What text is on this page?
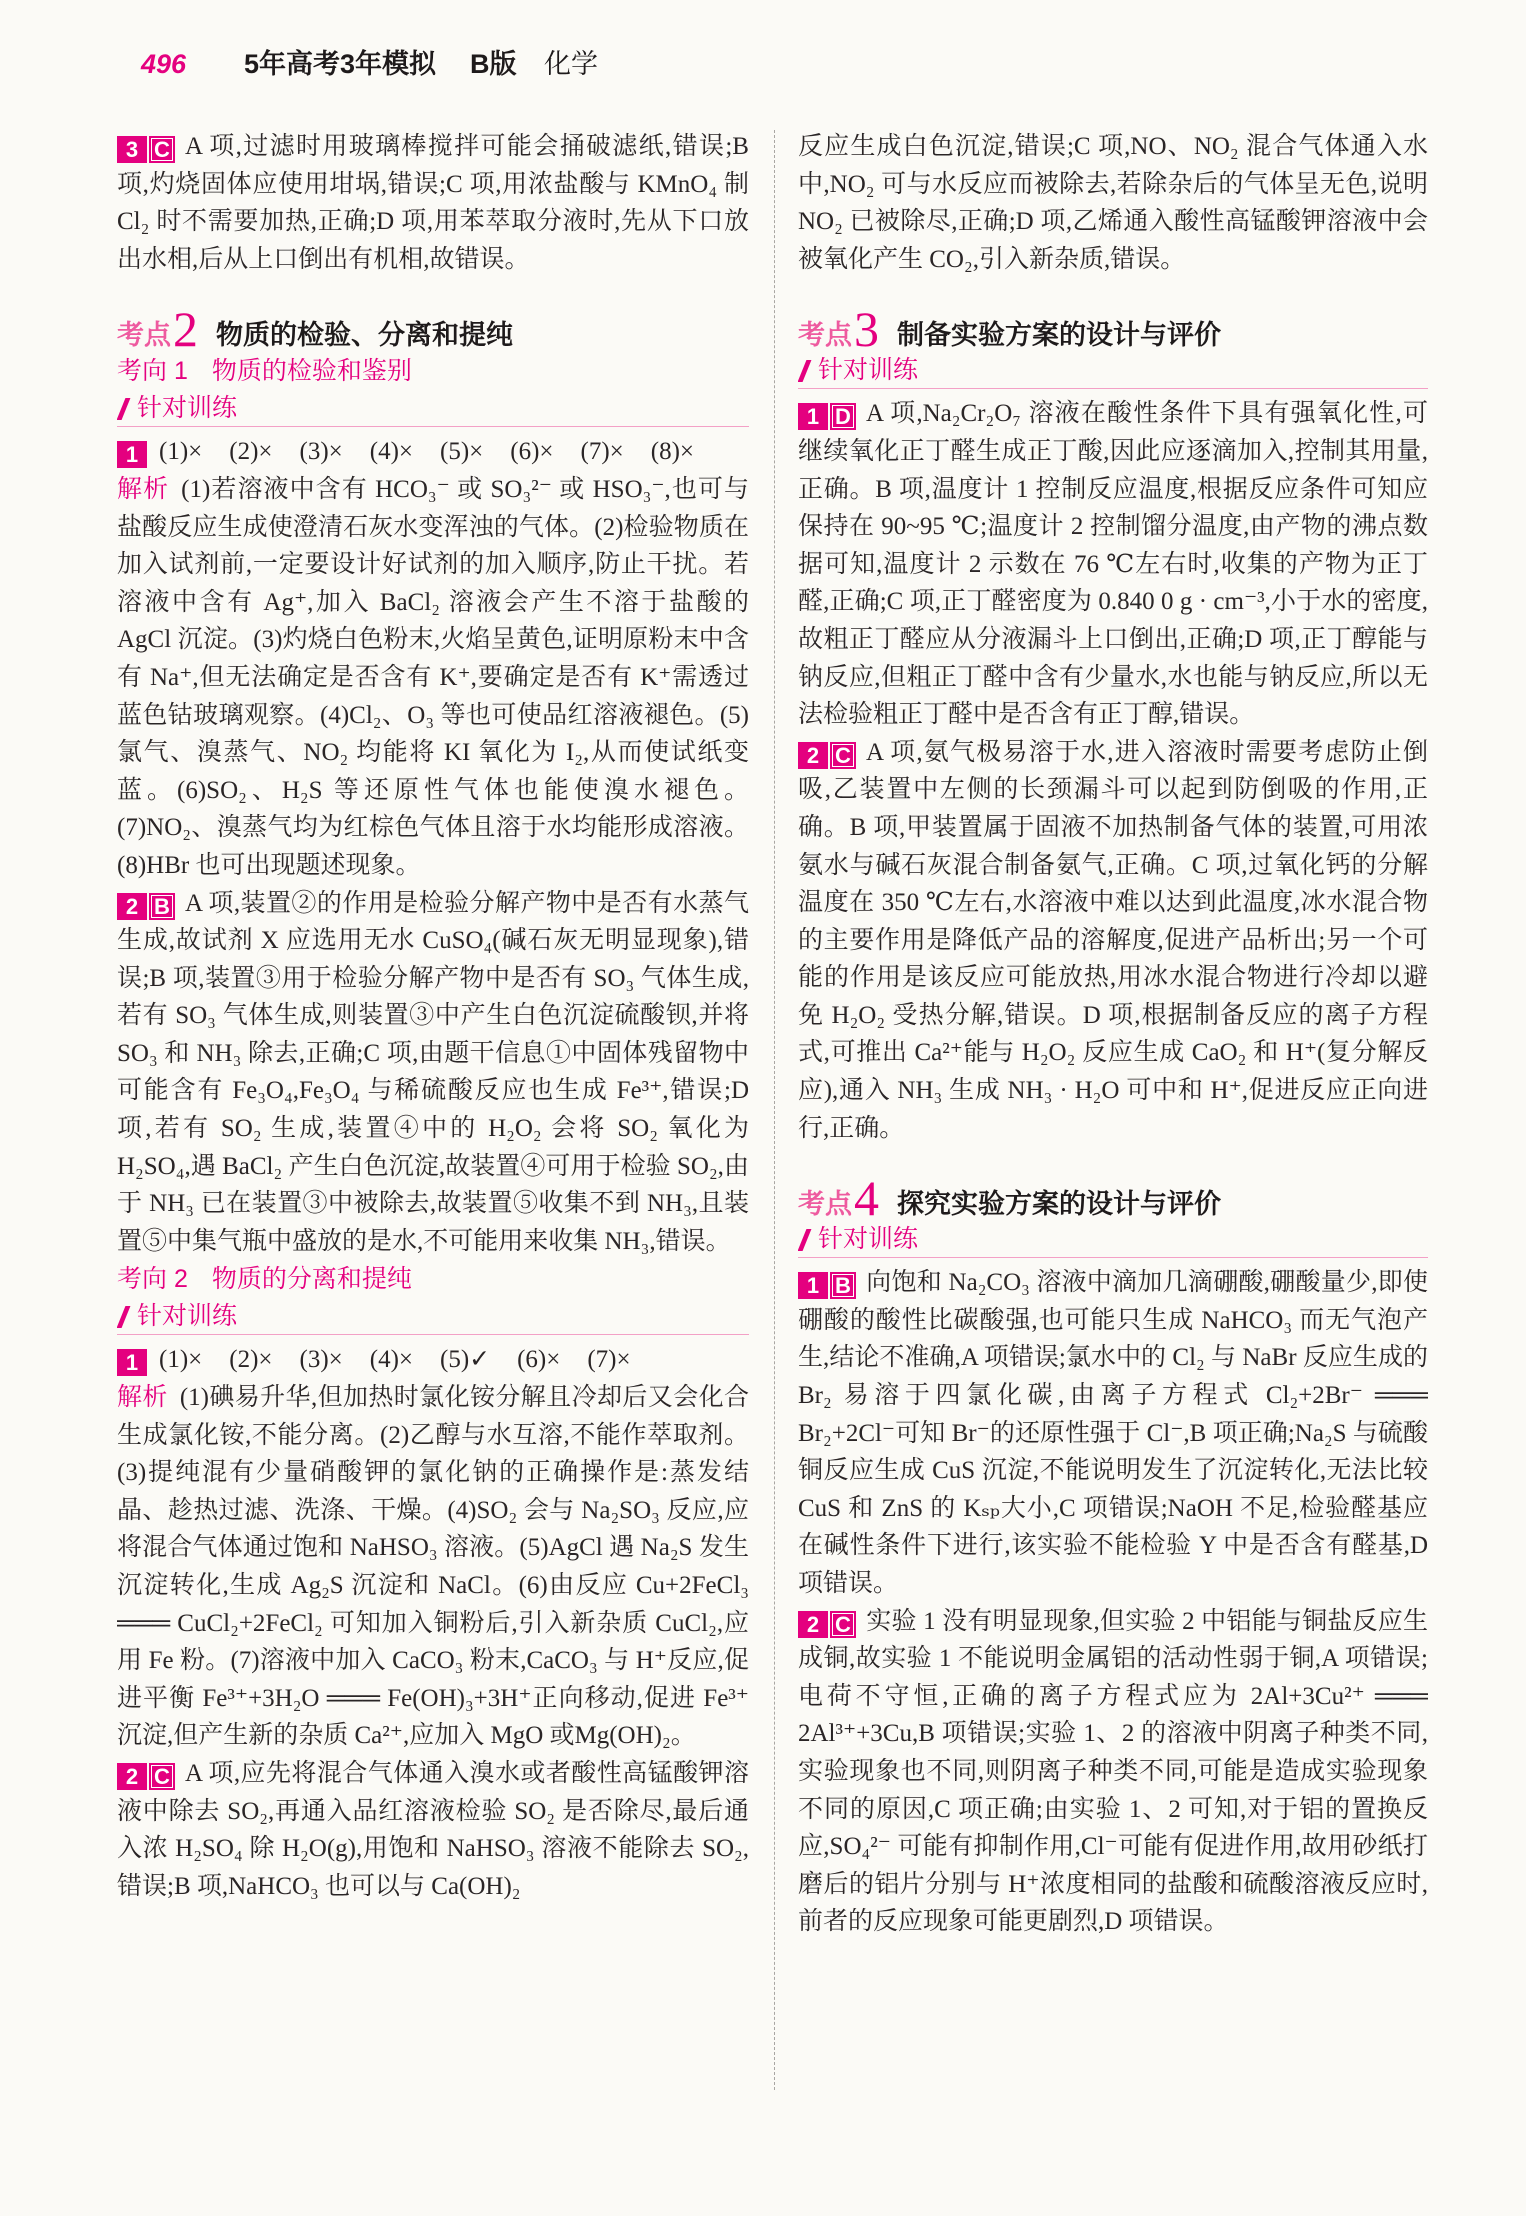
496 5年高考3年模拟 B版 化学

3 C A 项,过滤时用玻璃棒搅拌可能会捅破滤纸,错误;B 项,灼烧固体应使用坩埚,错误;C 项,用浓盐酸与 KMnO₄ 制 Cl₂ 时不需要加热,正确;D 项,用苯萃取分液时,先从下口放出水相,后从上口倒出有机相,故错误。

考点 2 物质的检验、分离和提纯
考向 1 物质的检验和鉴别
针对训练

1 (1)× (2)× (3)× (4)× (5)× (6)× (7)× (8)×

解析 (1)若溶液中含有 HCO₃⁻ 或 SO₃²⁻ 或 HSO₃⁻,也可与盐酸反应生成使澄清石灰水变浑浊的气体。(2)检验物质在加入试剂前,一定要设计好试剂的加入顺序,防止干扰。若溶液中含有 Ag⁺,加入 BaCl₂ 溶液会产生不溶于盐酸的 AgCl 沉淀。(3)灼烧白色粉末,火焰呈黄色,证明原粉末中含有 Na⁺,但无法确定是否含有 K⁺,要确定是否有 K⁺需透过蓝色钴玻璃观察。(4)Cl₂、O₃ 等也可使品红溶液褪色。(5)氯气、溴蒸气、NO₂ 均能将 KI 氧化为 I₂,从而使试纸变蓝。(6)SO₂、H₂S 等还原性气体也能使溴水褪色。(7)NO₂、溴蒸气均为红棕色气体且溶于水均能形成溶液。(8)HBr 也可出现题述现象。

2 B A 项,装置②的作用是检验分解产物中是否有水蒸气生成,故试剂 X 应选用无水 CuSO₄(碱石灰无明显现象),错误;B 项,装置③用于检验分解产物中是否有 SO₃ 气体生成,若有 SO₃ 气体生成,则装置③中产生白色沉淀硫酸钡,并将 SO₃ 和 NH₃ 除去,正确;C 项,由题干信息①中固体残留物中可能含有 Fe₃O₄,Fe₃O₄ 与稀硫酸反应也生成 Fe³⁺,错误;D 项,若有 SO₂ 生成,装置④中的 H₂O₂ 会将 SO₂ 氧化为 H₂SO₄,遇 BaCl₂ 产生白色沉淀,故装置④可用于检验 SO₂,由于 NH₃ 已在装置③中被除去,故装置⑤收集不到 NH₃,且装置⑤中集气瓶中盛放的是水,不可能用来收集 NH₃,错误。

考向 2 物质的分离和提纯
针对训练

1 (1)× (2)× (3)× (4)× (5)✓ (6)× (7)×

解析 (1)碘易升华,但加热时氯化铵分解且冷却后又会化合生成氯化铵,不能分离。(2)乙醇与水互溶,不能作萃取剂。(3)提纯混有少量硝酸钾的氯化钠的正确操作是:蒸发结晶、趁热过滤、洗涤、干燥。(4)SO₂ 会与 Na₂SO₃ 反应,应将混合气体通过饱和 NaHSO₃ 溶液。(5)AgCl 遇 Na₂S 发生沉淀转化,生成 Ag₂S 沉淀和 NaCl。(6)由反应 Cu+2FeCl₃ ═══ CuCl₂+2FeCl₂ 可知加入铜粉后,引入新杂质 CuCl₂,应用 Fe 粉。(7)溶液中加入 CaCO₃ 粉末,CaCO₃ 与 H⁺反应,促进平衡 Fe³⁺+3H₂O ═══ Fe(OH)₃+3H⁺正向移动,促进 Fe³⁺沉淀,但产生新的杂质 Ca²⁺,应加入 MgO 或Mg(OH)₂。

2 C A 项,应先将混合气体通入溴水或者酸性高锰酸钾溶液中除去 SO₂,再通入品红溶液检验 SO₂ 是否除尽,最后通入浓 H₂SO₄ 除 H₂O(g),用饱和 NaHSO₃ 溶液不能除去 SO₂,错误;B 项,NaHCO₃ 也可以与 Ca(OH)₂

反应生成白色沉淀,错误;C 项,NO、NO₂ 混合气体通入水中,NO₂ 可与水反应而被除去,若除杂后的气体呈无色,说明 NO₂ 已被除尽,正确;D 项,乙烯通入酸性高锰酸钾溶液中会被氧化产生 CO₂,引入新杂质,错误。

考点 3 制备实验方案的设计与评价
针对训练

1 D A 项,Na₂Cr₂O₇ 溶液在酸性条件下具有强氧化性,可继续氧化正丁醛生成正丁酸,因此应逐滴加入,控制其用量,正确。B 项,温度计 1 控制反应温度,根据反应条件可知应保持在 90~95 ℃;温度计 2 控制馏分温度,由产物的沸点数据可知,温度计 2 示数在 76 ℃左右时,收集的产物为正丁醛,正确;C 项,正丁醛密度为 0.840 0 g · cm⁻³,小于水的密度,故粗正丁醛应从分液漏斗上口倒出,正确;D 项,正丁醇能与钠反应,但粗正丁醛中含有少量水,水也能与钠反应,所以无法检验粗正丁醛中是否含有正丁醇,错误。

2 C A 项,氨气极易溶于水,进入溶液时需要考虑防止倒吸,乙装置中左侧的长颈漏斗可以起到防倒吸的作用,正确。B 项,甲装置属于固液不加热制备气体的装置,可用浓氨水与碱石灰混合制备氨气,正确。C 项,过氧化钙的分解温度在 350 ℃左右,水溶液中难以达到此温度,冰水混合物的主要作用是降低产品的溶解度,促进产品析出;另一个可能的作用是该反应可能放热,用冰水混合物进行冷却以避免 H₂O₂ 受热分解,错误。D 项,根据制备反应的离子方程式,可推出 Ca²⁺能与 H₂O₂ 反应生成 CaO₂ 和 H⁺(复分解反应),通入 NH₃ 生成 NH₃ · H₂O 可中和 H⁺,促进反应正向进行,正确。

考点 4 探究实验方案的设计与评价
针对训练

1 B 向饱和 Na₂CO₃ 溶液中滴加几滴硼酸,硼酸量少,即使硼酸的酸性比碳酸强,也可能只生成 NaHCO₃ 而无气泡产生,结论不准确,A 项错误;氯水中的 Cl₂ 与 NaBr 反应生成的 Br₂ 易溶于四氯化碳,由离子方程式 Cl₂+2Br⁻ ═══ Br₂+2Cl⁻可知 Br⁻的还原性强于 Cl⁻,B 项正确;Na₂S 与硫酸铜反应生成 CuS 沉淀,不能说明发生了沉淀转化,无法比较 CuS 和 ZnS 的 Kₛₚ大小,C 项错误;NaOH 不足,检验醛基应在碱性条件下进行,该实验不能检验 Y 中是否含有醛基,D 项错误。

2 C 实验 1 没有明显现象,但实验 2 中铝能与铜盐反应生成铜,故实验 1 不能说明金属铝的活动性弱于铜,A 项错误;电荷不守恒,正确的离子方程式应为 2Al+3Cu²⁺ ═══ 2Al³⁺+3Cu,B 项错误;实验 1、2 的溶液中阴离子种类不同,实验现象也不同,则阴离子种类不同,可能是造成实验现象不同的原因,C 项正确;由实验 1、2 可知,对于铝的置换反应,SO₄²⁻ 可能有抑制作用,Cl⁻可能有促进作用,故用砂纸打磨后的铝片分别与 H⁺浓度相同的盐酸和硫酸溶液反应时,前者的反应现象可能更剧烈,D 项错误。
